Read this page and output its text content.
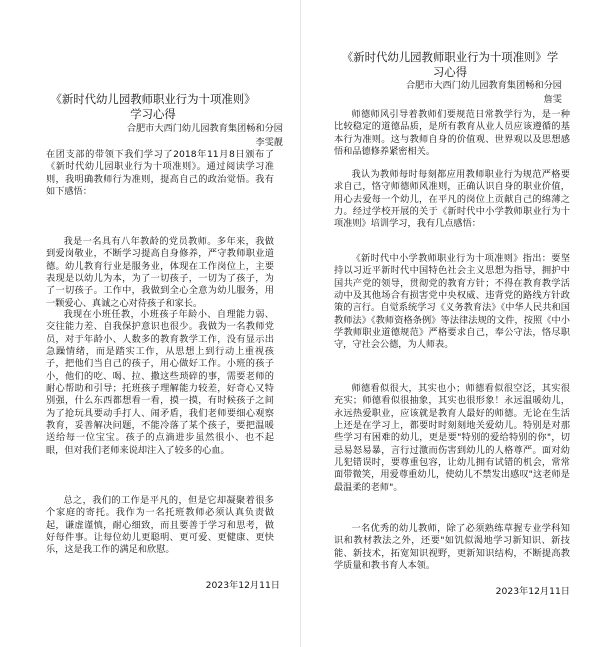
《新时代幼儿园教师职业行为十项准则》学习心得
合肥市大西门幼儿园教育集团畅和分园
李雯靓

在团支部的带领下我们学习了2018年11月8日颁布了《新时代幼儿园职业行为十项准则》。通过阅读学习准则，我明确教师行为准则，提高自己的政治觉悟。我有如下感悟：

我是一名具有八年教龄的党员教师。多年来，我做到爱岗敬业，不断学习提高自身修养，严守教师职业道德。幼儿教育行业是服务业，体现在工作岗位上，主要表现是以幼儿为本，为了一切孩子，一切为了孩子，为了一切孩子。工作中，我做到全心全意为幼儿服务，用一颗爱心、真诚之心对待孩子和家长。

我现在小班任教，小班孩子年龄小、自理能力弱、交往能力差、自我保护意识也很少。我做为一名教师党员，对于年龄小、人数多的教育教学工作，没有显示出急躁情绪，而是踏实工作，从思想上到行动上重视孩子，把他们当自己的孩子，用心做好工作。小班的孩子小，他们的吃、喝、拉、撒这些琐碎的事，需要老师的耐心帮助和引导；托班孩子理解能力较差，好奇心又特别强，什么东西都想看一看，摸一摸，有时候孩子之间为了抢玩具要动手打人、闹矛盾，我们老师要细心观察教育，妥善解决问题，不能冷落了某个孩子，要把温暖送给每一位宝宝。孩子的点滴进步虽然很小、也不起眼，但对我们老师来说却注入了较多的心血。

总之，我们的工作是平凡的，但是它却凝聚着很多个家庭的寄托。我作为一名托班教师必须认真负责做起，谦虚谨慎，耐心细致，而且要善于学习和思考，做好每件事。让每位幼儿更聪明、更可爱、更健康、更快乐，这是我工作的满足和欣慰。

2023年12月11日
《新时代幼儿园教师职业行为十项准则》学习心得
合肥市大西门幼儿园教育集团畅和分园
詹雯

师德师风引导着教师们要规范日常教学行为，是一种比较稳定的道德品质，是所有教育从业人员应该遵循的基本行为准则。这与教师自身的价值观、世界观以及思想感悟和品德修养紧密相关。

我认为教师每时每刻都应用教师职业行为规范严格要求自己，恪守师德师风准则，正确认识自身的职业价值，用心去爱每一个幼儿，在平凡的岗位上贡献自己的绵薄之力。经过学校开展的关于《新时代中小学教师职业行为十项准则》培训学习，我有几点感悟：

《新时代中小学教师职业行为十项准则》指出：要坚持以习近平新时代中国特色社会主义思想为指导，拥护中国共产党的领导，贯彻党的教育方针；不得在教育教学活动中及其他场合有损害党中央权威、违背党的路线方针政策的言行。自觉系统学习《义务教育法》《中华人民共和国教师法》《教师资格条例》等法律法规的文件，按照《中小学教师职业道德规范》严格要求自己，奉公守法，恪尽职守，守社会公德，为人师表。

师德看似很大，其实也小；师德看似很空泛，其实很充实；师德看似很抽象，其实也很形象！永远温暖幼儿，永远热爱职业，应该就是教育人最好的师德。无论在生活上还是在学习上，都要时时刻刻地关爱幼儿。特别是对那些学习有困难的幼儿，更是要"特别的爱给特别的你"，切忌易怒易暴，言行过激而伤害到幼儿的人格尊严。面对幼儿犯错误时，要尊重包容，让幼儿拥有试错的机会，常常面带微笑，用爱尊重幼儿，使幼儿不禁发出感叹"这老师是最温柔的老师"。

一名优秀的幼儿教师，除了必须熟练草握专业学科知识和教材教法之外，还要"如饥似渴地学习新知识、新技能、新技术，拓宽知识视野，更新知识结构，不断提高教学质量和教书育人本领。

2023年12月11日
